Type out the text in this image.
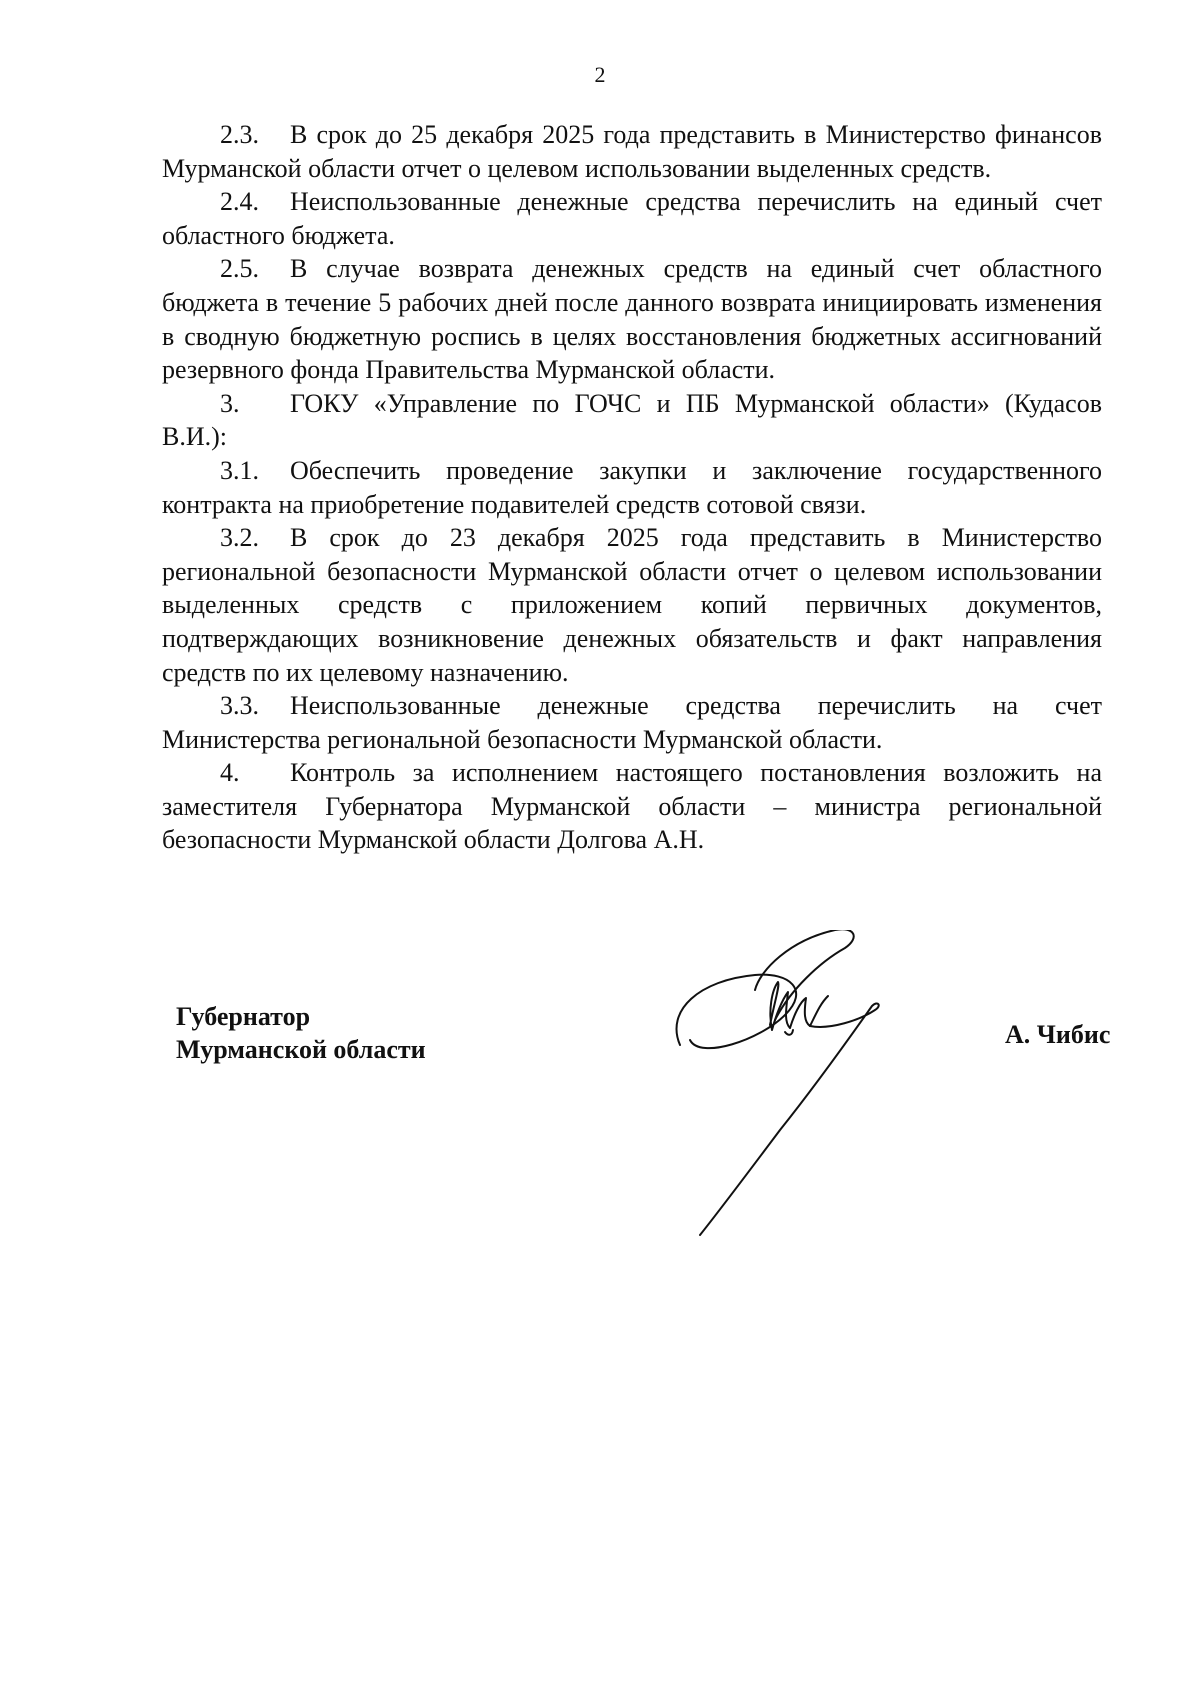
2

2.3. В срок до 25 декабря 2025 года представить в Министерство финансов Мурманской области отчет о целевом использовании выделенных средств.

2.4. Неиспользованные денежные средства перечислить на единый счет областного бюджета.

2.5. В случае возврата денежных средств на единый счет областного бюджета в течение 5 рабочих дней после данного возврата инициировать изменения в сводную бюджетную роспись в целях восстановления бюджетных ассигнований резервного фонда Правительства Мурманской области.

3. ГОКУ «Управление по ГОЧС и ПБ Мурманской области» (Кудасов В.И.):

3.1. Обеспечить проведение закупки и заключение государственного контракта на приобретение подавителей средств сотовой связи.

3.2. В срок до 23 декабря 2025 года представить в Министерство региональной безопасности Мурманской области отчет о целевом использовании выделенных средств с приложением копий первичных документов, подтверждающих возникновение денежных обязательств и факт направления средств по их целевому назначению.

3.3. Неиспользованные денежные средства перечислить на счет Министерства региональной безопасности Мурманской области.

4. Контроль за исполнением настоящего постановления возложить на заместителя Губернатора Мурманской области – министра региональной безопасности Мурманской области Долгова А.Н.

Губернатор
Мурманской области
А. Чибис
